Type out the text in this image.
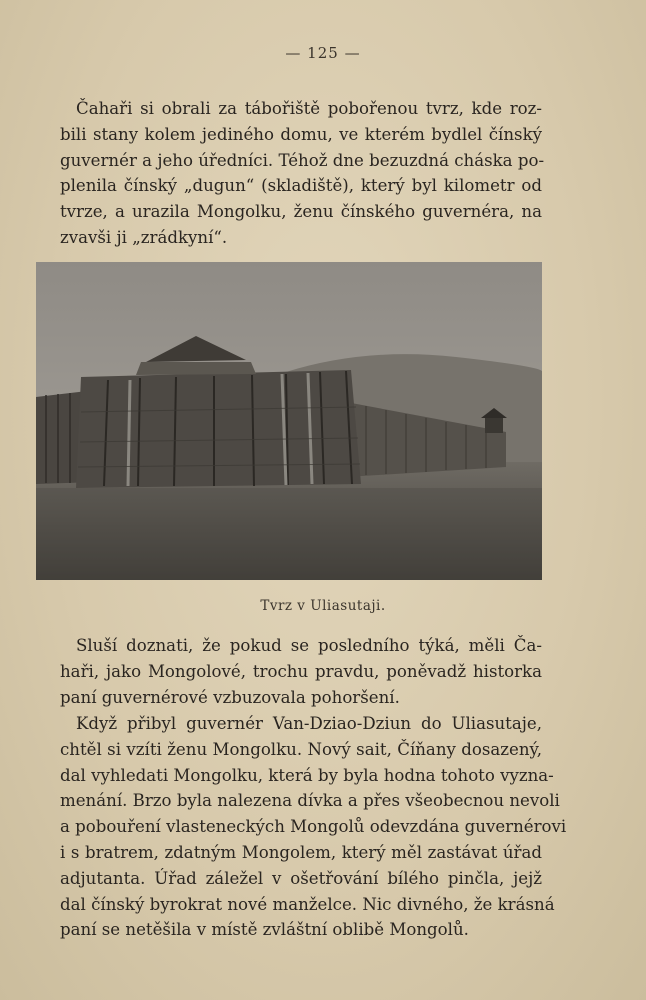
— 125 —

Čahaři si obrali za tábořiště pobořenou tvrz, kde roz-
bili stany kolem jediného domu, ve kterém bydlel čínský
guvernér a jeho úředníci. Téhož dne bezuzdná cháska po-
plenila čínský „dugun“ (skladiště), který byl kilometr od
tvrze, a urazila Mongolku, ženu čínského guvernéra, na
zvavši ji „zrádkyní“.

Tvrz v Uliasutaji.

Sluší doznati, že pokud se posledního týká, měli Ča-
haři, jako Mongolové, trochu pravdu, poněvadž historka
paní guvernérové vzbuzovala pohoršení.

Když přibyl guvernér Van-Dziao-Dziun do Uliasutaje,
chtěl si vzíti ženu Mongolku. Nový sait, Číňany dosazený,
dal vyhledati Mongolku, která by byla hodna tohoto vyzna-
menání. Brzo byla nalezena dívka a přes všeobecnou nevoli
a pobouření vlasteneckých Mongolů odevzdána guvernérovi
i s bratrem, zdatným Mongolem, který měl zastávat úřad
adjutanta. Úřad záležel v ošetřování bílého pinčla, jejž
dal čínský byrokrat nové manželce. Nic divného, že krásná
paní se netěšila v místě zvláštní oblibě Mongolů.
